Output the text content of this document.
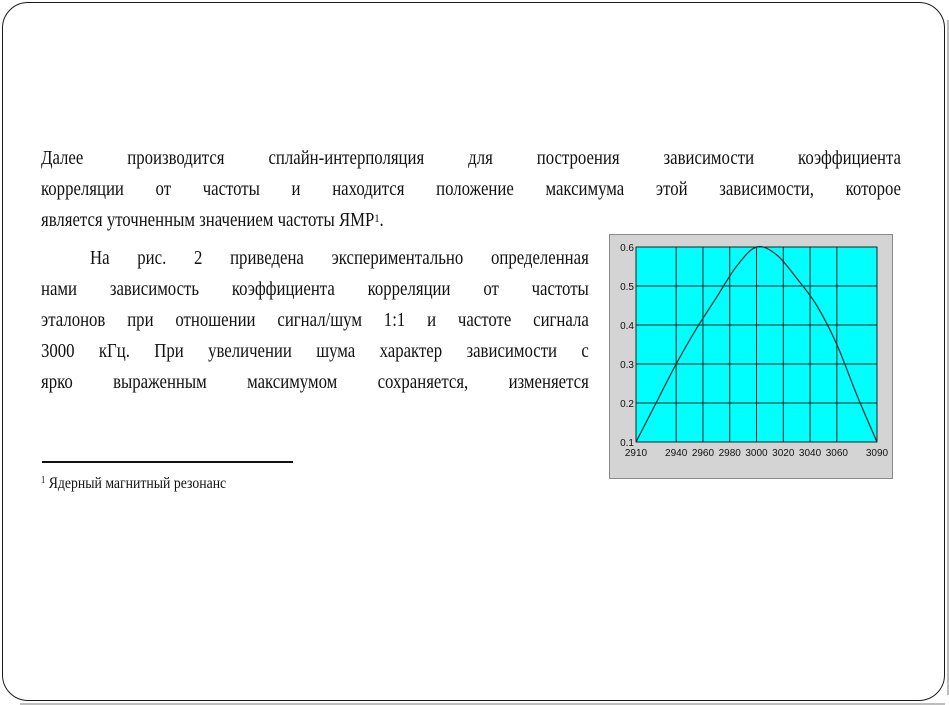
Далее производится сплайн-интерполяция для построения зависимости коэффициента
корреляции от частоты и находится положение максимума этой зависимости, которое
является уточненным значением частоты ЯМР$^1$.
На рис. 2 приведена экспериментально определенная
нами зависимость коэффициента корреляции от частоты
эталонов при отношении сигнал/шум 1:1 и частоте сигнала
3000 кГц. При увеличении шума характер зависимости с
ярко выраженным максимумом сохраняется, изменяется
$^1$ Ядерный магнитный резонанс
2910 2940 2960 2980 3000 3020 3040 3060 3090
0.6
0.5
0.4
0.3
0.2
0.1
